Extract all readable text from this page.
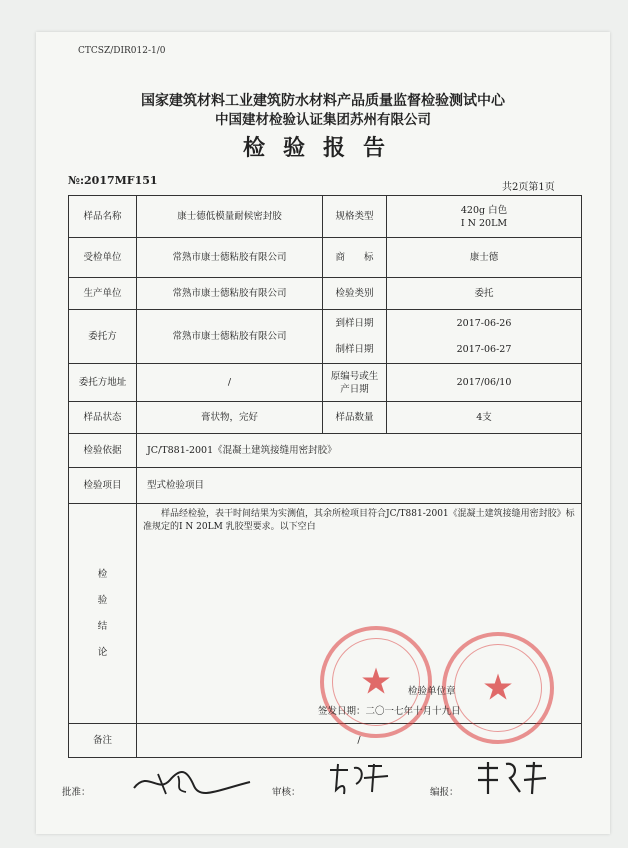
CTCSZ/DIR012-1/0
国家建筑材料工业建筑防水材料产品质量监督检验测试中心
中国建材检验认证集团苏州有限公司
检验报告
№:2017MF151
共2页第1页
样品名称	康士德低模量耐候密封胶	规格类型	420g 白色
I N 20LM

受检单位	常熟市康士德粘胶有限公司	商　　标	康士德
生产单位	常熟市康士德粘胶有限公司	检验类别	委托
委托方	常熟市康士德粘胶有限公司	到样日期	2017-06-26
		制样日期	2017-06-27
委托方地址	/	原编号或生产日期	2017/06/10
样品状态	膏状物，完好	样品数量	4支
检验依据	JC/T881-2001《混凝土建筑接缝用密封胶》		
检验项目	型式检验项目		

检
验
结
论	样品经检验，表干时间结果为实测值，其余所检项目符合JC/T881-2001《混凝土建筑接缝用密封胶》标准规定的I N 20LM 乳胶型要求。以下空白		

备注	/		
★ ★
检验单位章
签发日期：二〇一七年十月十九日
批准：	审核：	编报：
